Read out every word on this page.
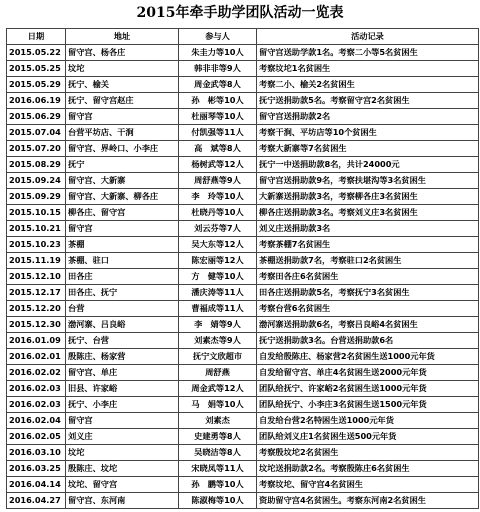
2015年牵手助学团队活动一览表
日期	地址	参与人	活动记录
2015.05.22	留守宫、杨各庄	朱圭力等10人	留守宫送助学款1名。考察二小等5名贫困生
2015.05.25	坟坨	韩非非等9人	考察坟坨1名贫困生
2015.05.29	抚宁、榆关	周金武等8人	考察二小、榆关2名贫困生
2016.06.19	抚宁、留守宫赵庄	孙　彬等10人	抚宁送捐助款5名。考察留守宫2名贫困生
2015.06.29	留守宫	杜丽琴等10人	留守宫送捐助款2名
2015.07.04	台营平坊店、干涧	付凯强等11人	考察干涧、平坊店等10个贫困生
2015.07.20	留守宫、界岭口、小李庄	高　斌等8人	考察大新寨等7名贫困生
2015.08.29	抚宁	杨树武等12人	抚宁一中送捐助款8名，共计24000元
2015.09.24	留守宫、大新寨	周舒燕等9人	留守宫送捐助款9名，考察扶堪沟等3名贫困生
2015.09.29	留守宫、大新寨、柳各庄	李　玲等10人	大新寨送捐助款3名，考察柳各庄3名贫困生
2015.10.15	柳各庄、留守宫	杜晓丹等10人	柳各庄送捐助款3名。考察刘义庄3名贫困生
2015.10.21	留守宫	刘云芬等7人	刘义庄送捐助款3名
2015.10.23	茶棚	吴大东等12人	考察茶棚7名贫困生
2015.11.19	茶棚、驻口	陈宏丽等12人	茶棚送捐助款7名，考察驻口2名贫困生
2015.12.10	田各庄	方　健等10人	考察田各庄6名贫困生
2015.12.17	田各庄、抚宁	潘庆涛等11人	田各庄送捐助款5名，考察抚宁3名贫困生
2015.12.20	台营	曹福成等11人	考察台营6名贫困生
2015.12.30	渤河寨、吕良峪	李　婧等9人	渤河寨送捐助款6名，考察吕良峪4名贫困生
2016.01.09	抚宁、台营	刘素杰等9人	抚宁送捐助款3名。台营送捐助款6名
2016.02.01	殷陈庄、杨家营	抚宁文欣超市	自发给殷陈庄、杨家营2名贫困生送1000元年货
2016.02.02	留守宫、单庄	周舒燕	自发给留守宫、单庄4名贫困生送2000元年货
2016.02.03	旧县、许家峪	周金武等12人	团队给抚宁、许家峪2名贫困生送1000元年货
2016.02.03	抚宁、小李庄	马　娟等10人	团队给抚宁、小李庄3名贫困生送1500元年货
2016.02.04	留守宫	刘素杰	自发给台营2名特困生送1000元年货
2016.02.05	刘义庄	史建勇等8人	团队给刘义庄1名贫困生送500元年货
2016.03.10	坟坨	吴晓洁等8人	考察殷坟坨2名贫困生
2016.03.25	殷陈庄、坟坨	宋晓凤等11人	坟坨送捐助款2名。考察殷陈庄6名贫困生
2016.04.14	坟坨、留守宫	孙　鹏等10人	考察坟坨、留守宫4名贫困生
2016.04.27	留守宫、东河南	陈淑梅等10人	资助留守宫4名贫困生。考察东河南2名贫困生
